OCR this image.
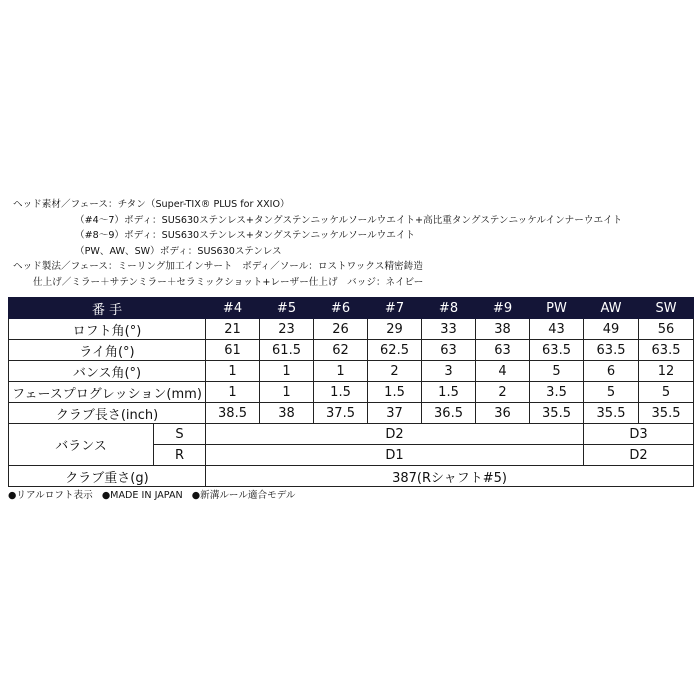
ヘッド素材／フェース：チタン（Super-TIX® PLUS for XXIO）
（#4〜7）ボディ：SUS630ステンレス+タングステンニッケルソールウエイト+高比重タングステンニッケルインナーウエイト
（#8〜9）ボディ：SUS630ステンレス+タングステンニッケルソールウエイト
（PW、AW、SW）ボディ：SUS630ステンレス
ヘッド製法／フェース：ミーリング加工インサート　ボディ／ソール：ロストワックス精密鋳造
仕上げ／ミラー＋サテンミラー＋セラミックショット+レーザー仕上げ　バッジ：ネイビー
番 手		#4	#5	#6	#7	#8	#9	PW	AW	SW
ロフト角(°)		21	23	26	29	33	38	43	49	56
ライ角(°)		61	61.5	62	62.5	63	63	63.5	63.5	63.5
バンス角(°)		1	1	1	2	3	4	5	6	12
フェースプログレッション(mm)		1	1	1.5	1.5	1.5	2	3.5	5	5
クラブ長さ(inch)		38.5	38	37.5	37	36.5	36	35.5	35.5	35.5
バランス	S	D2							D3	
	R	D1							D2	
クラブ重さ(g)		387(Rシャフト#5)								
●リアルロフト表示 ●MADE IN JAPAN ●新溝ルール適合モデル
